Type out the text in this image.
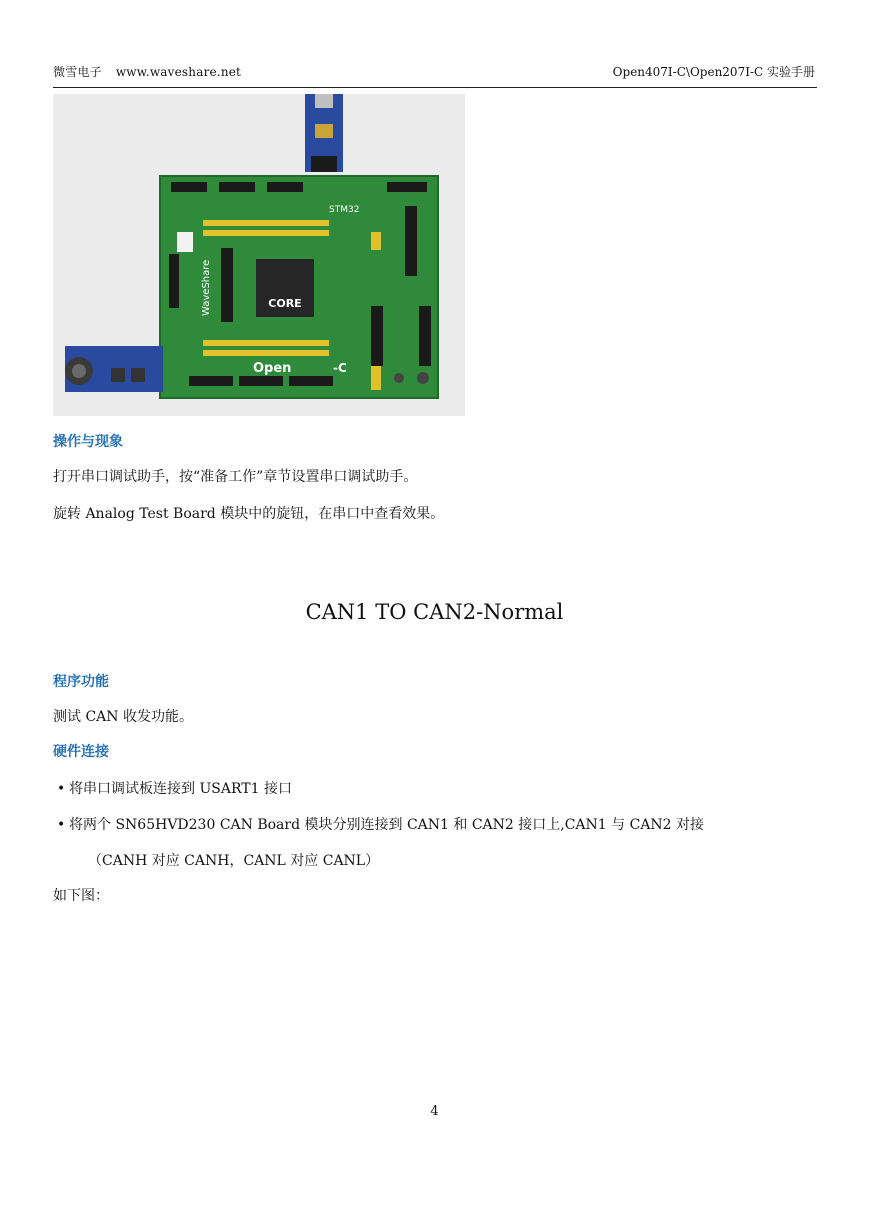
微雪电子 www.waveshare.net	Open407I-C\Open207I-C 实验手册
CORE
STM32
WaveShare
Open	-C
操作与现象
打开串口调试助手，按“准备工作”章节设置串口调试助手。
旋转 Analog Test Board 模块中的旋钮，在串口中查看效果。
CAN1 TO CAN2-Normal
程序功能
测试 CAN 收发功能。
硬件连接
• 将串口调试板连接到 USART1 接口
• 将两个 SN65HVD230 CAN Board 模块分别连接到 CAN1 和 CAN2 接口上,CAN1 与 CAN2 对接
（CANH 对应 CANH，CANL 对应 CANL）
如下图：
4
